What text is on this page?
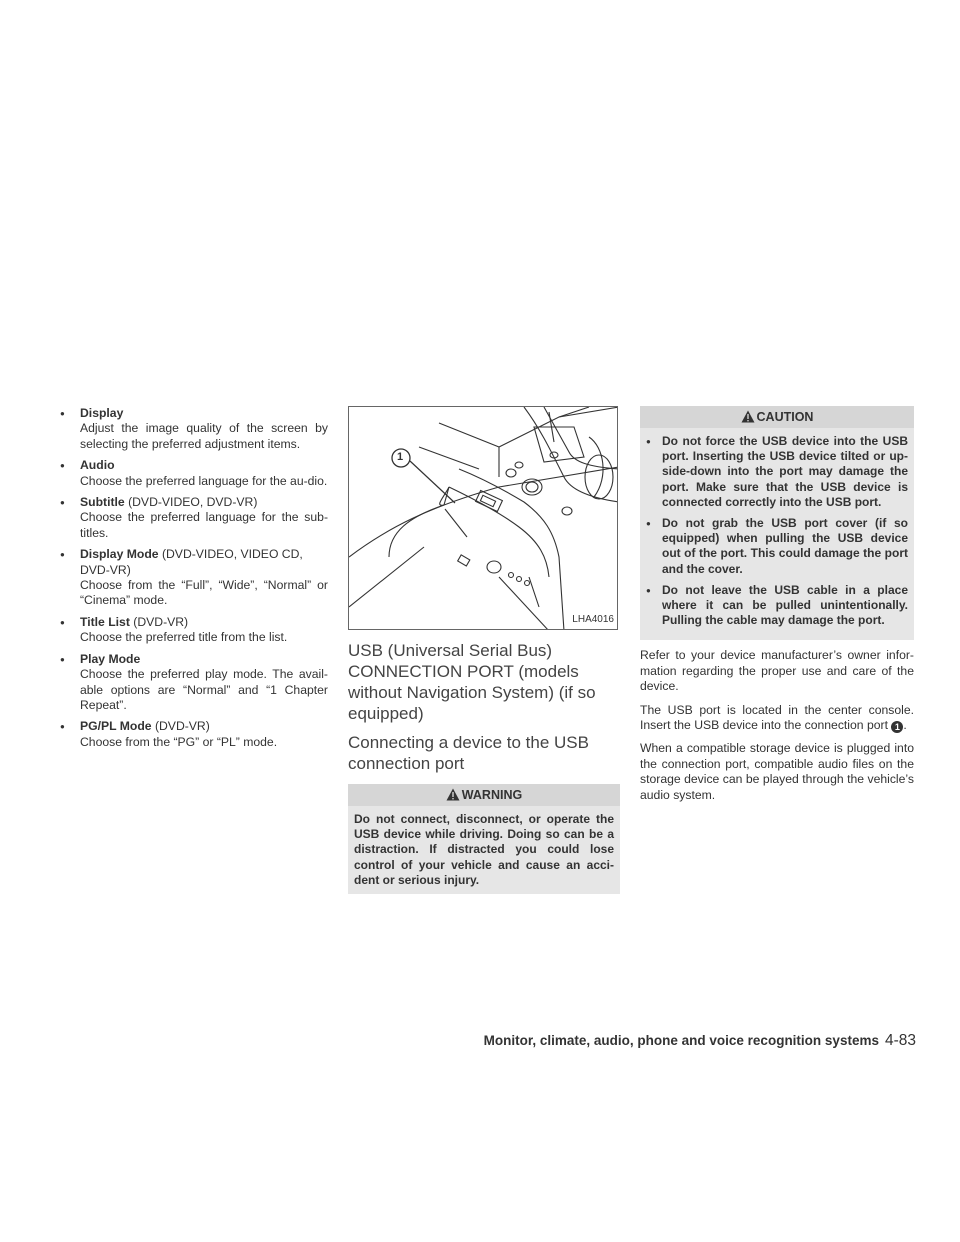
●	Display
Adjust the image quality of the screen by selecting the preferred adjustment items.
●	Audio
Choose the preferred language for the au-dio.
●	Subtitle (DVD-VIDEO, DVD-VR)
Choose the preferred language for the sub-titles.
●	Display Mode (DVD-VIDEO, VIDEO CD, DVD-VR)
Choose from the “Full”, “Wide”, “Normal” or “Cinema” mode.
●	Title List (DVD-VR)
Choose the preferred title from the list.
●	Play Mode
Choose the preferred play mode. The avail-able options are “Normal” and “1 Chapter Repeat”.
●	PG/PL Mode (DVD-VR)
Choose from the “PG” or “PL” mode.
1
LHA4016
USB (Universal Serial Bus) CONNECTION PORT (models without Navigation System) (if so equipped)
Connecting a device to the USB connection port
WARNING
Do not connect, disconnect, or operate the USB device while driving. Doing so can be a distraction. If distracted you could lose control of your vehicle and cause an acci-dent or serious injury.
CAUTION
● Do not force the USB device into the USB port. Inserting the USB device tilted or up-side-down into the port may damage the port. Make sure that the USB device is connected correctly into the USB port.
● Do not grab the USB port cover (if so equipped) when pulling the USB device out of the port. This could damage the port and the cover.
● Do not leave the USB cable in a place where it can be pulled unintentionally. Pulling the cable may damage the port.

Refer to your device manufacturer’s owner infor-mation regarding the proper use and care of the device.

The USB port is located in the center console. Insert the USB device into the connection port 1 .

When a compatible storage device is plugged into the connection port, compatible audio files on the storage device can be played through the vehicle’s audio system.

Monitor, climate, audio, phone and voice recognition systems 4-83
